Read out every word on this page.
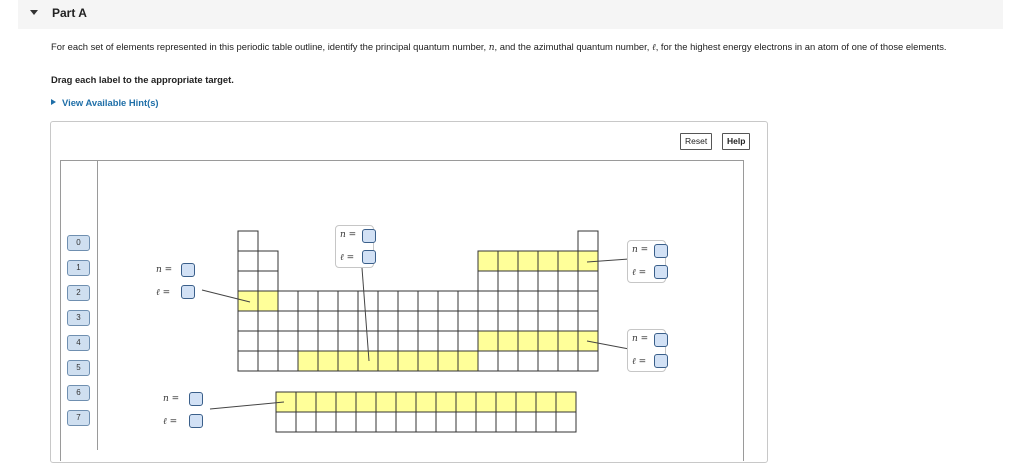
Part A
For each set of elements represented in this periodic table outline, identify the principal quantum number, n, and the azimuthal quantum number, ℓ, for the highest energy electrons in an atom of one of those elements.
Drag each label to the appropriate target.
View Available Hint(s)
Reset	Help
0
1
2
3
4
5
6
7
n =
ℓ =
n =
ℓ =
n =
ℓ =
n =
ℓ =
n =
ℓ =
